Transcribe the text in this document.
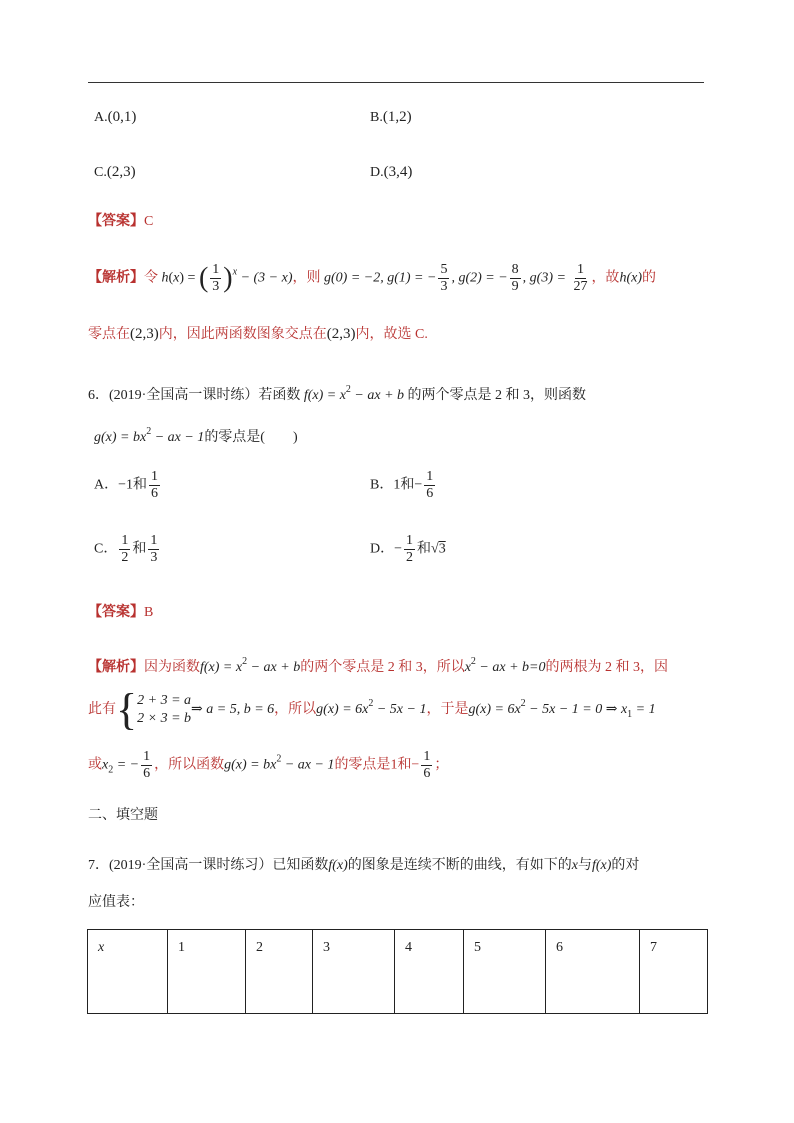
A.(0,1)	B.(1,2)
C.(2,3)	D.(3,4)
【答案】C
【解析】令 h(x) = ( $\frac{1}{3} )^x - (3 - x)$，则 g(0) = −2, g(1) = − $\frac{5}{3}$ , g(2) = − $\frac{8}{9}$ , $g(3) = \frac{1}{27}$ ，故h(x)的
零点在(2,3)内，因此两函数图象交点在(2,3)内，故选 C.
6．(2019·全国高一课时练）若函数 $f(x) = x^2$ − ax + b 的两个零点是 2 和 3，则函数
$g(x) = bx^2$ − ax − 1的零点是(　　)
A．−1和 $\frac{1}{6}$	B．1和− $\frac{1}{6}$
C． $\frac{1}{2}$ 和 $\frac{1}{3}$	D．− $\frac{1}{2}$ 和√3
【答案】B
【解析】因为函数$f(x) = x^2$ − ax + b的两个零点是 2 和 3，所以$x^2$ − ax + b=0的两根为 2 和 3，因
此有{ 2 + 3 = a
2 × 3 = b
⇒ a = 5, b = 6，所以$g(x) = 6x^2 - 5x - 1$，于是$g(x) = 6x^2 - 5x - 1 = 0$ ⇒ $x_1 = 1$
或$x_2$ = − $\frac{1}{6}$ ，所以函数$g(x) = bx^2$ − ax − 1的零点是1和− $\frac{1}{6}$ ；
二、填空题
7．(2019·全国高一课时练习）已知函数f(x)的图象是连续不断的曲线，有如下的x与f(x)的对
应值表：
x	1	2	3	4	5	6	7
